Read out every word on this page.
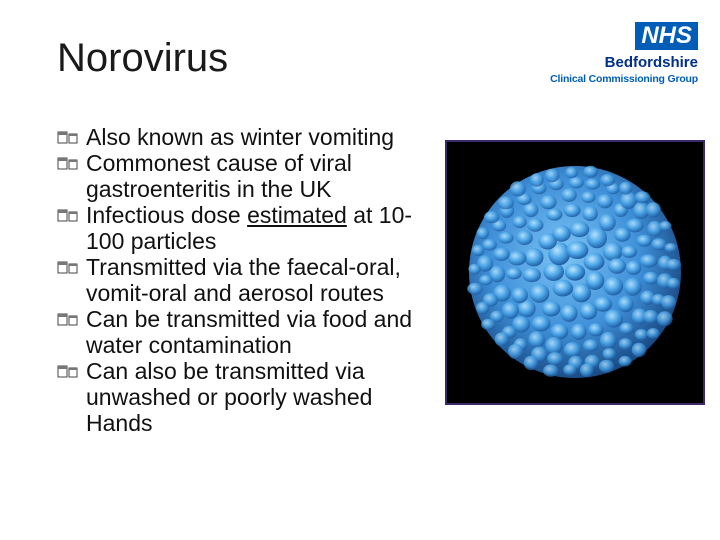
Norovirus
NHS
Bedfordshire
Clinical Commissioning Group
Also known as winter vomiting
Commonest cause of viral gastroenteritis in the UK
Infectious dose estimated at 10-100 particles
Transmitted via the faecal-oral, vomit-oral and aerosol routes
Can be transmitted via food and water contamination
Can also be transmitted via unwashed or poorly washed Hands
